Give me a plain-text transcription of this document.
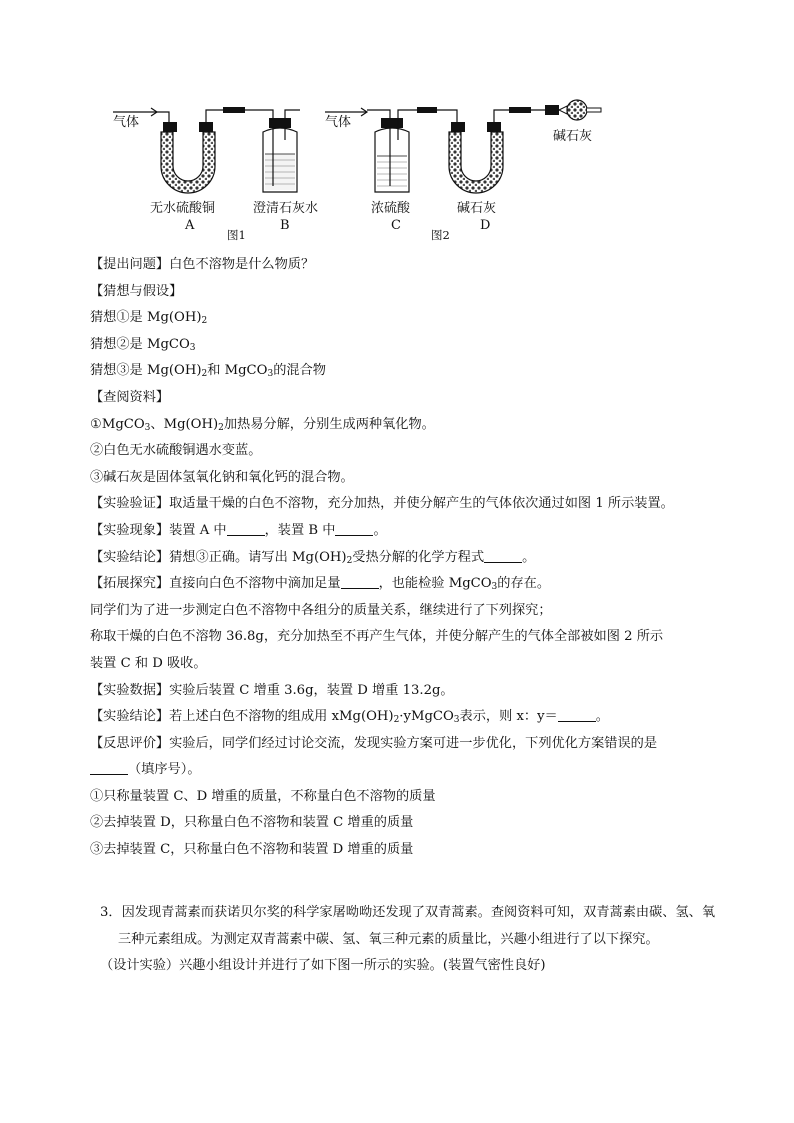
气体
无水硫酸铜
A
澄清石灰水
B
图1
气体
碱石灰
浓硫酸
C
碱石灰
D
图2
【提出问题】白色不溶物是什么物质？
【猜想与假设】
猜想①是 $Mg(OH)_2$
猜想②是 MgCO$_3$
猜想③是 $Mg(OH)_2$和 MgCO$_3$的混合物
【查阅资料】
①MgCO$_3$、$Mg(OH)_2$加热易分解，分别生成两种氧化物。
②白色无水硫酸铜遇水变蓝。
③碱石灰是固体氢氧化钠和氧化钙的混合物。
【实验验证】取适量干燥的白色不溶物，充分加热，并使分解产生的气体依次通过如图 1 所示装置。
【实验现象】装置 A 中	，装置 B 中	。
【实验结论】猜想③正确。请写出 $Mg(OH)_2$受热分解的化学方程式	。
【拓展探究】直接向白色不溶物中滴加足量	，也能检验 MgCO$_3$的存在。
同学们为了进一步测定白色不溶物中各组分的质量关系，继续进行了下列探究；
称取干燥的白色不溶物 36.8g，充分加热至不再产生气体，并使分解产生的气体全部被如图 2 所示
装置 C 和 D 吸收。
【实验数据】实验后装置 C 增重 3.6g，装置 D 增重 13.2g。
【实验结论】若上述白色不溶物的组成用 $xMg(OH)_2\cdot yMgCO_3$表示，则 x：y＝	。
【反思评价】实验后，同学们经过讨论交流，发现实验方案可进一步优化，下列优化方案错误的是
（填序号）。
①只称量装置 C、D 增重的质量，不称量白色不溶物的质量
②去掉装置 D，只称量白色不溶物和装置 C 增重的质量
③去掉装置 C，只称量白色不溶物和装置 D 增重的质量
3．因发现青蒿素而获诺贝尔奖的科学家屠呦呦还发现了双青蒿素。查阅资料可知，双青蒿素由碳、氢、氧三种元素组成。为测定双青蒿素中碳、氢、氧三种元素的质量比，兴趣小组进行了以下探究。
（设计实验）兴趣小组设计并进行了如下图一所示的实验。(装置气密性良好)
